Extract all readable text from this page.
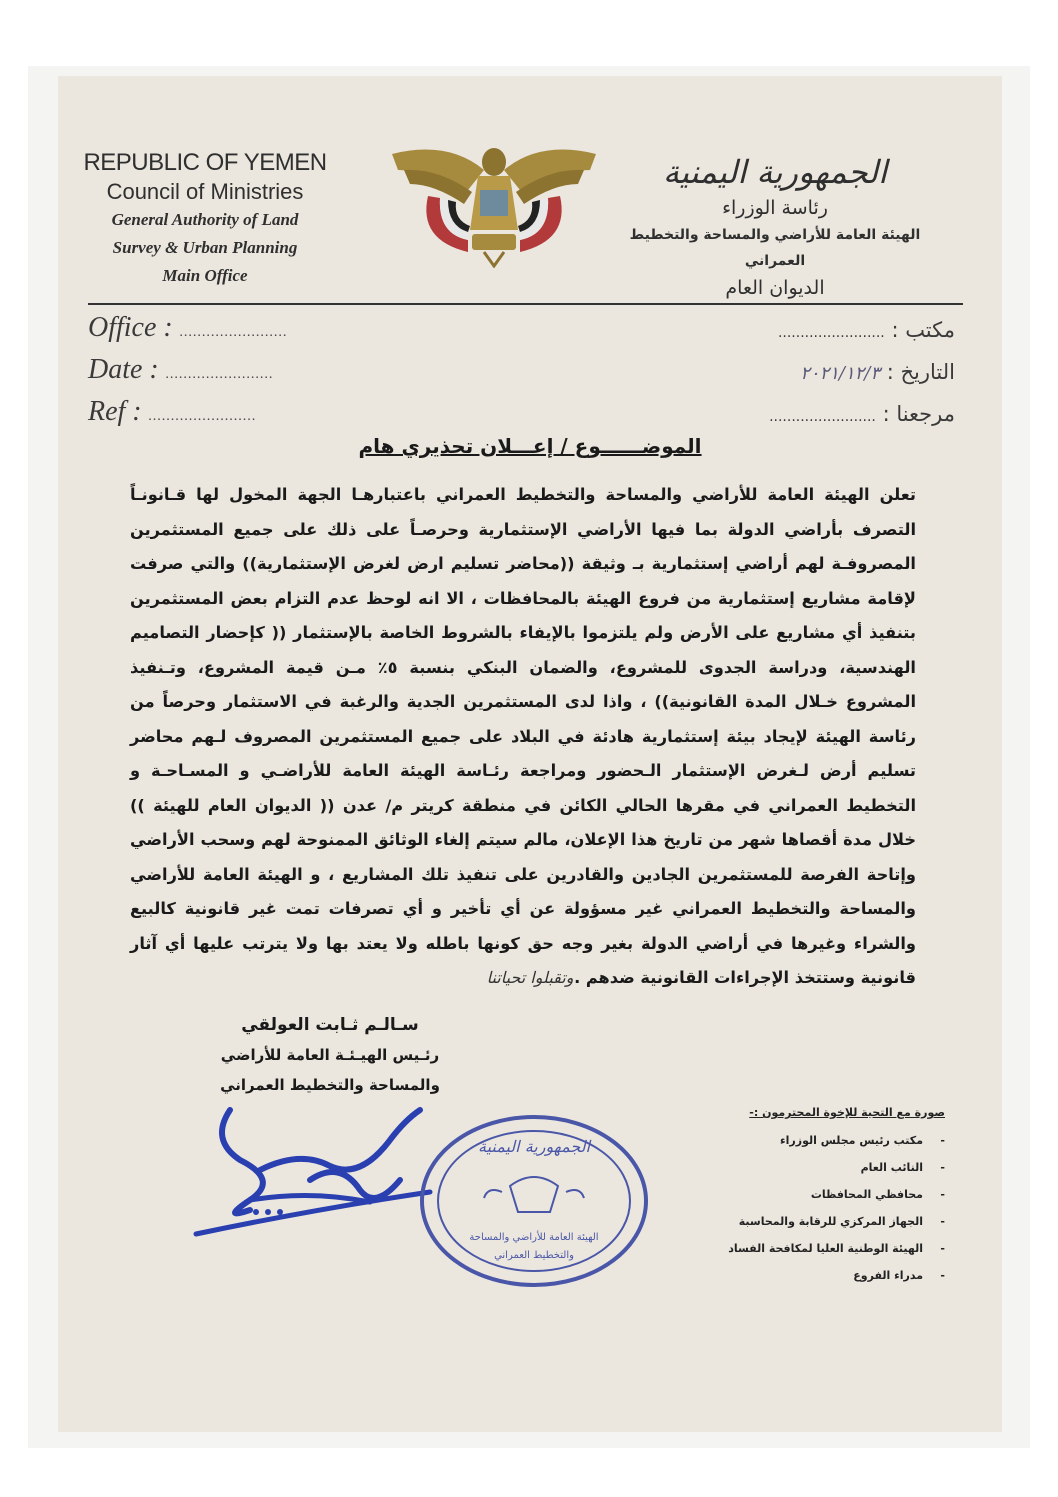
REPUBLIC OF YEMEN
Council of Ministries
General Authority of Land
Survey & Urban Planning
Main Office
الجمهورية اليمنية
رئاسة الوزراء
الهيئة العامة للأراضي والمساحة والتخطيط العمراني
الديوان العام
Office : ........................
Date : ........................
Ref : ........................
مكتب : ........................
التاريخ : ٢٠٢١/١٢/٣
مرجعنا : ........................
الموضــــــوع / إعـــلان تحذيري هام
تعلن الهيئة العامة للأراضي والمساحة والتخطيط العمراني باعتبارهـا الجهة المخول لها قـانونـاً التصرف بأراضي الدولة بما فيها الأراضي الإستثمارية وحرصـاً على ذلك على جميع المستثمرين المصروفـة لهم أراضي إستثمارية بـ وثيقة ((محاضر تسليم ارض لغرض الإستثمارية)) والتي صرفت لإقامة مشاريع إستثمارية من فروع الهيئة بالمحافظات ، الا انه لوحظ عدم التزام بعض المستثمرين بتنفيذ أي مشاريع على الأرض ولم يلتزموا بالإيفاء بالشروط الخاصة بالإستثمار (( كإحضار التصاميم الهندسية، ودراسة الجدوى للمشروع، والضمان البنكي بنسبة ٥٪ مـن قيمة المشروع، وتـنفيذ المشروع خـلال المدة القانونية)) ، واذا لدى المستثمرين الجدية والرغبة في الاستثمار وحرصاً من رئاسة الهيئة لإيجاد بيئة إستثمارية هادئة في البلاد على جميع المستثمرين المصروف لـهم محاضر تسليم أرض لـغرض الإستثمار الـحضور ومراجعة رئـاسة الهيئة العامة للأراضـي و المسـاحـة و التخطيط العمراني في مقرها الحالي الكائن في منطقة كريتر م/ عدن (( الديوان العام للهيئة )) خلال مدة أقصاها شهر من تاريخ هذا الإعلان، مالم سيتم إلغاء الوثائق الممنوحة لهم وسحب الأراضي وإتاحة الفرصة للمستثمرين الجادين والقادرين على تنفيذ تلك المشاريع ، و الهيئة العامة للأراضي والمساحة والتخطيط العمراني غير مسؤولة عن أي تأخير و أي تصرفات تمت غير قانونية كالبيع والشراء وغيرها في أراضي الدولة بغير وجه حق كونها باطله ولا يعتد بها ولا يترتب عليها أي آثار قانونية وستتخذ الإجراءات القانونية ضدهم .
وتقبلوا تحياتنا
سـالـم ثـابت العولقي
رئـيس الهيـئـة العامة للأراضي
والمساحة والتخطيط العمراني
الجمهورية اليمنية
الهيئة العامة للأراضي والمساحة
والتخطيط العمراني
صورة مع التحية للإخوة المحترمون :-
- مكتب رئيس مجلس الوزراء
- النائب العام
- محافظي المحافظات
- الجهاز المركزي للرقابة والمحاسبة
- الهيئة الوطنية العليا لمكافحة الفساد
- مدراء الفروع
